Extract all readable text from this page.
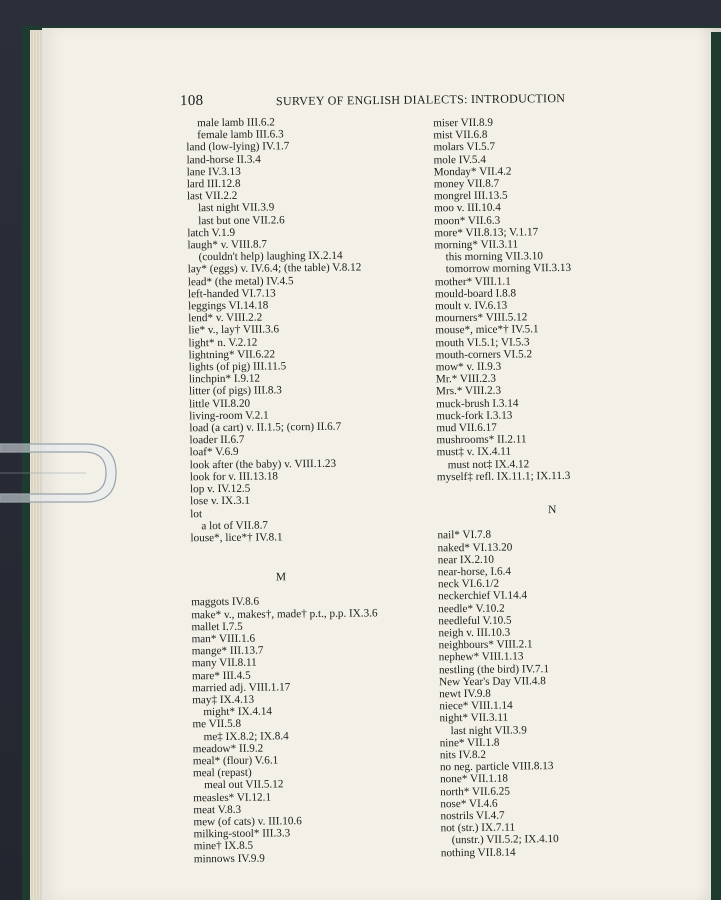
108	SURVEY OF ENGLISH DIALECTS: INTRODUCTION
male lamb III.6.2
female lamb III.6.3
land (low-lying) IV.1.7
land-horse II.3.4
lane IV.3.13
lard III.12.8
last VII.2.2
last night VII.3.9
last but one VII.2.6
latch V.1.9
laugh* v. VIII.8.7
(couldn't help) laughing IX.2.14
lay* (eggs) v. IV.6.4; (the table) V.8.12
lead* (the metal) IV.4.5
left-handed VI.7.13
leggings VI.14.18
lend* v. VIII.2.2
lie* v., lay† VIII.3.6
light* n. V.2.12
lightning* VII.6.22
lights (of pig) III.11.5
linchpin* I.9.12
litter (of pigs) III.8.3
little VII.8.20
living-room V.2.1
load (a cart) v. II.1.5; (corn) II.6.7
loader II.6.7
loaf* V.6.9
look after (the baby) v. VIII.1.23
look for v. III.13.18
lop v. IV.12.5
lose v. IX.3.1
lot
a lot of VII.8.7
louse*, lice*† IV.8.1
M
maggots IV.8.6
make* v., makes†, made† p.t., p.p. IX.3.6
mallet I.7.5
man* VIII.1.6
mange* III.13.7
many VII.8.11
mare* III.4.5
married adj. VIII.1.17
may‡ IX.4.13
might* IX.4.14
me VII.5.8
me‡ IX.8.2; IX.8.4
meadow* II.9.2
meal* (flour) V.6.1
meal (repast)
meal out VII.5.12
measles* VI.12.1
meat V.8.3
mew (of cats) v. III.10.6
milking-stool* III.3.3
mine† IX.8.5
minnows IV.9.9
miser VII.8.9
mist VII.6.8
molars VI.5.7
mole IV.5.4
Monday* VII.4.2
money VII.8.7
mongrel III.13.5
moo v. III.10.4
moon* VII.6.3
more* VII.8.13; V.1.17
morning* VII.3.11
this morning VII.3.10
tomorrow morning VII.3.13
mother* VIII.1.1
mould-board I.8.8
moult v. IV.6.13
mourners* VIII.5.12
mouse*, mice*† IV.5.1
mouth VI.5.1; VI.5.3
mouth-corners VI.5.2
mow* v. II.9.3
Mr.* VIII.2.3
Mrs.* VIII.2.3
muck-brush I.3.14
muck-fork I.3.13
mud VII.6.17
mushrooms* II.2.11
must‡ v. IX.4.11
must not‡ IX.4.12
myself‡ refl. IX.11.1; IX.11.3
N
nail* VI.7.8
naked* VI.13.20
near IX.2.10
near-horse, I.6.4
neck VI.6.1/2
neckerchief VI.14.4
needle* V.10.2
needleful V.10.5
neigh v. III.10.3
neighbours* VIII.2.1
nephew* VIII.1.13
nestling (the bird) IV.7.1
New Year's Day VII.4.8
newt IV.9.8
niece* VIII.1.14
night* VII.3.11
last night VII.3.9
nine* VII.1.8
nits IV.8.2
no neg. particle VIII.8.13
none* VII.1.18
north* VII.6.25
nose* VI.4.6
nostrils VI.4.7
not (str.) IX.7.11
(unstr.) VII.5.2; IX.4.10
nothing VII.8.14
